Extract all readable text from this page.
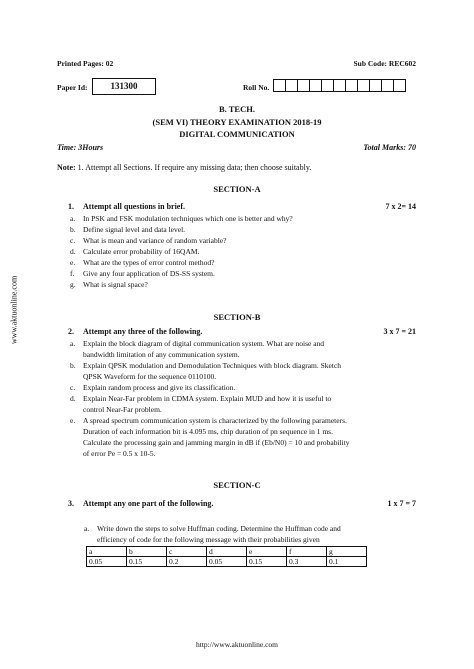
www.aktuonline.com
Printed Pages: 02	Sub Code: REC602
Paper Id:	131300	Roll No.
B. TECH.
(SEM VI) THEORY EXAMINATION 2018-19
DIGITAL COMMUNICATION
Time: 3Hours	Total Marks: 70
Note: 1. Attempt all Sections. If require any missing data; then choose suitably.
SECTION-A
1. Attempt all questions in brief.	7 x 2= 14
a. In PSK and FSK modulation techniques which one is better and why?
b. Define signal level and data level.
c. What is mean and variance of random variable?
d. Calculate error probability of 16QAM.
e. What are the types of error control method?
f. Give any four application of DS-SS system.
g. What is signal space?
SECTION-B
2. Attempt any three of the following.	3 x 7 = 21
a. Explain the block diagram of digital communication system. What are noise and
bandwidth limitation of any communication system.
b. Explain QPSK modulation and Demodulation Techniques with block diagram. Sketch
QPSK Waveform for the sequence 0110100.
c. Explain random process and give its classification.
d. Explain Near-Far problem in CDMA system. Explain MUD and how it is useful to
control Near-Far problem.
e. A spread spectrum communication system is characterized by the following parameters.
Duration of each information bit is 4.095 ms, chip duration of pn sequence in 1 ms.
Calculate the processing gain and jamming margin in dB if (Eb/N0) = 10 and probability
of error Pe = 0.5 x 10-5.
SECTION-C
3. Attempt any one part of the following.	1 x 7 = 7
a. Write down the steps to solve Huffman coding. Determine the Huffman code and
efficiency of code for the following message with their probabilities given
a	b	c	d	e	f	g
0.05	0.15	0.2	0.05	0.15	0.3	0.1
http://www.aktuonline.com
